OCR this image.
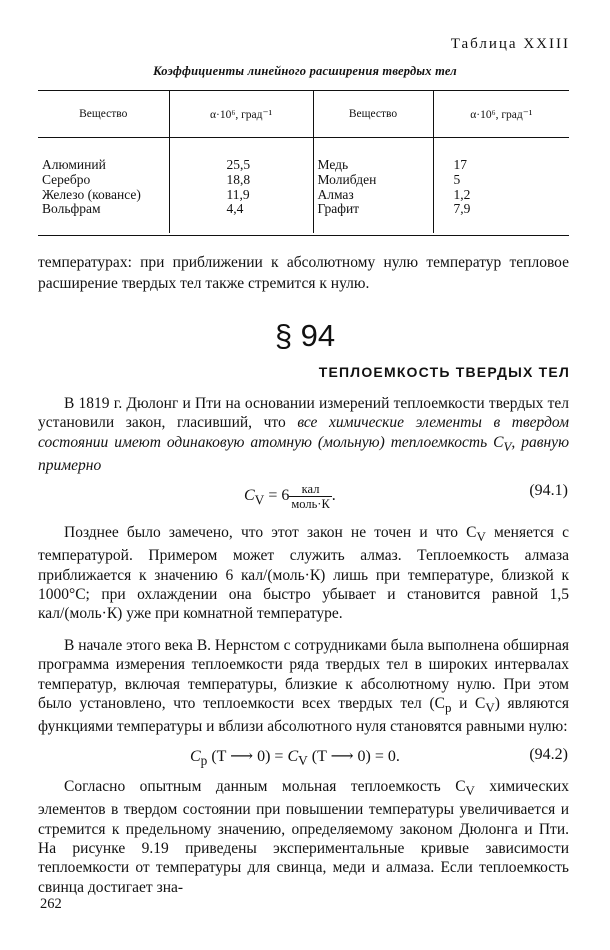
Таблица XXIII
Коэффициенты линейного расширения твердых тел
Вещество	α·10⁶, град⁻¹	Вещество	α·10⁶, град⁻¹
Алюминий	25,5	Медь	17
Серебро	18,8	Молибден	5
Железо (ковансе)	11,9	Алмаз	1,2
Вольфрам	4,4	Графит	7,9

температурах: при приближении к абсолютному нулю температур тепловое расширение твердых тел также стремится к нулю.

§ 94
ТЕПЛОЕМКОСТЬ ТВЕРДЫХ ТЕЛ

В 1819 г. Дюлонг и Пти на основании измерений теплоемкости твердых тел установили закон, гласивший, что все химические элементы в твердом состоянии имеют одинаковую атомную (мольную) теплоемкость $C_V$, равную примерно

$C_V = 6 \frac{\text{кал}}{\text{моль·К}}$ .	(94.1)

Позднее было замечено, что этот закон не точен и что $C_V$ меняется с температурой. Примером может служить алмаз. Теплоемкость алмаза приближается к значению 6 кал/(моль·К) лишь при температуре, близкой к 1000°С; при охлаждении она быстро убывает и становится равной 1,5 кал/(моль·К) уже при комнатной температуре.

В начале этого века В. Нернстом с сотрудниками была выполнена обширная программа измерения теплоемкости ряда твердых тел в широких интервалах температур, включая температуры, близкие к абсолютному нулю. При этом было установлено, что теплоемкости всех твердых тел ($C_p$ и $C_V$) являются функциями температуры и вблизи абсолютного нуля становятся равными нулю:

$C_p$ (T ⟶ $0) = C_V$ (T ⟶ 0) = 0.	(94.2)

Согласно опытным данным мольная теплоемкость $C_V$ химических элементов в твердом состоянии при повышении температуры увеличивается и стремится к предельному значению, определяемому законом Дюлонга и Пти. На рисунке 9.19 приведены экспериментальные кривые зависимости теплоемкости от температуры для свинца, меди и алмаза. Если теплоемкость свинца достигает зна-

262
